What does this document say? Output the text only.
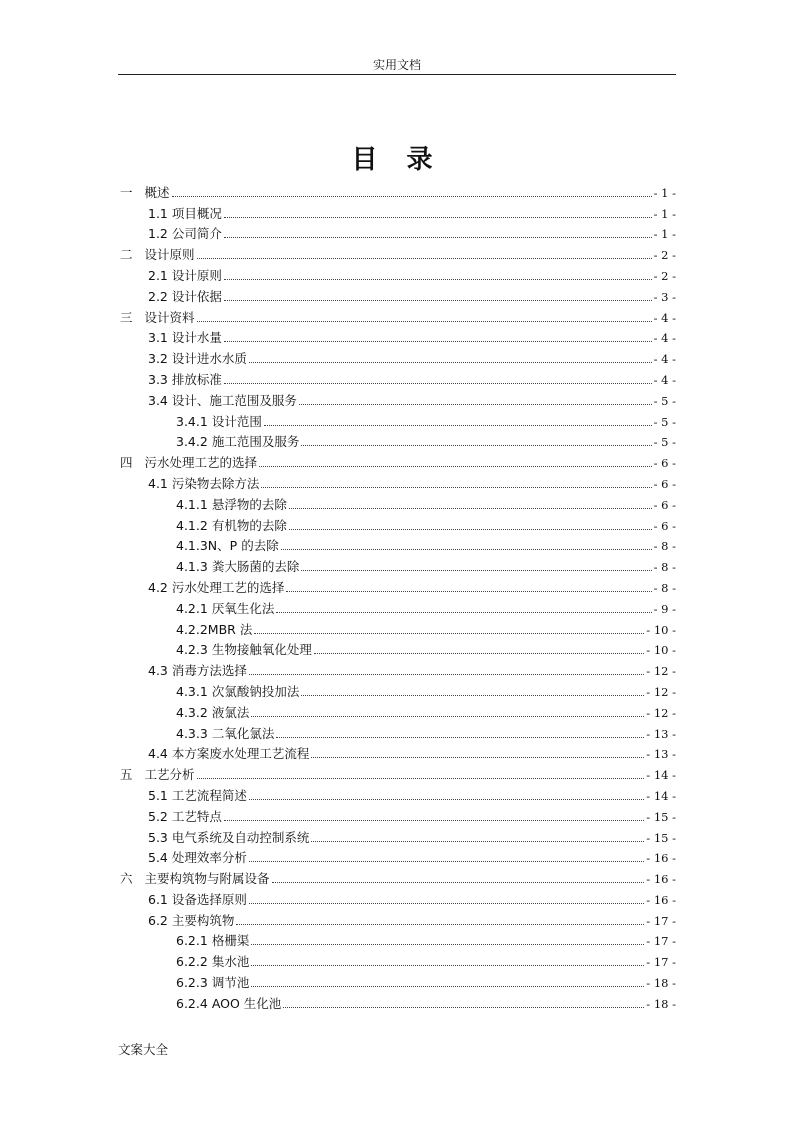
实用文档
目 录
一 概述	- 1 -
1.1 项目概况	- 1 -
1.2 公司简介	- 1 -
二 设计原则	- 2 -
2.1 设计原则	- 2 -
2.2 设计依据	- 3 -
三 设计资料	- 4 -
3.1 设计水量	- 4 -
3.2 设计进水水质	- 4 -
3.3 排放标准	- 4 -
3.4 设计、施工范围及服务	- 5 -
3.4.1 设计范围	- 5 -
3.4.2 施工范围及服务	- 5 -
四 污水处理工艺的选择	- 6 -
4.1 污染物去除方法	- 6 -
4.1.1 悬浮物的去除	- 6 -
4.1.2 有机物的去除	- 6 -
4.1.3N、P 的去除	- 8 -
4.1.3 粪大肠菌的去除	- 8 -
4.2 污水处理工艺的选择	- 8 -
4.2.1 厌氧生化法	- 9 -
4.2.2MBR 法	- 10 -
4.2.3 生物接触氧化处理	- 10 -
4.3 消毒方法选择	- 12 -
4.3.1 次氯酸钠投加法	- 12 -
4.3.2 液氯法	- 12 -
4.3.3 二氧化氯法	- 13 -
4.4 本方案废水处理工艺流程	- 13 -
五 工艺分析	- 14 -
5.1 工艺流程简述	- 14 -
5.2 工艺特点	- 15 -
5.3 电气系统及自动控制系统	- 15 -
5.4 处理效率分析	- 16 -
六 主要构筑物与附属设备	- 16 -
6.1 设备选择原则	- 16 -
6.2 主要构筑物	- 17 -
6.2.1 格栅渠	- 17 -
6.2.2 集水池	- 17 -
6.2.3 调节池	- 18 -
6.2.4 AOO 生化池	- 18 -
文案大全
